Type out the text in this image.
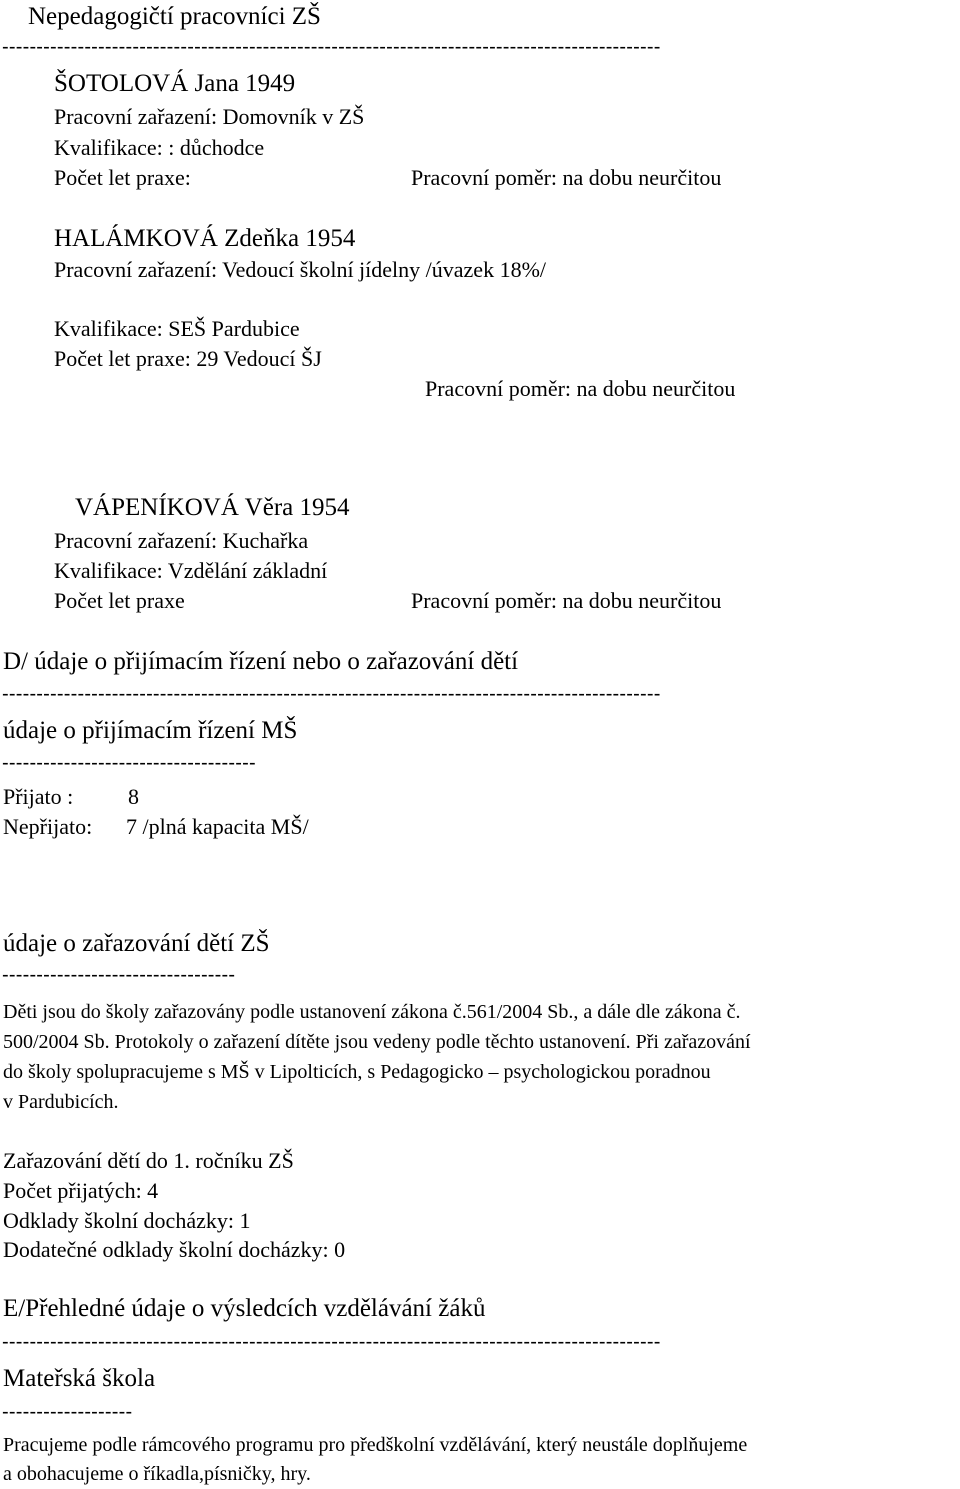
Nepedagogičtí pracovníci ZŠ
------------------------------------------------------------------------------------------------
ŠOTOLOVÁ Jana 1949
Pracovní zařazení: Domovník v ZŠ
Kvalifikace: : důchodce
Počet let praxe:	Pracovní poměr: na dobu neurčitou
HALÁMKOVÁ Zdeňka 1954
Pracovní zařazení: Vedoucí školní jídelny /úvazek 18%/
Kvalifikace: SEŠ Pardubice
Počet let praxe: 29 Vedoucí ŠJ
Pracovní poměr: na dobu neurčitou
VÁPENÍKOVÁ Věra 1954
Pracovní zařazení: Kuchařka
Kvalifikace: Vzdělání základní
Počet let praxe	Pracovní poměr: na dobu neurčitou
D/ údaje o přijímacím řízení nebo o zařazování dětí
------------------------------------------------------------------------------------------------
údaje o přijímacím řízení MŠ
-------------------------------------
Přijato : 8
Nepřijato: 7 /plná kapacita MŠ/
údaje o zařazování dětí ZŠ
----------------------------------
Děti jsou do školy zařazovány podle ustanovení zákona č.561/2004 Sb., a dále dle zákona č.
500/2004 Sb. Protokoly o zařazení dítěte jsou vedeny podle těchto ustanovení. Při zařazování
do školy spolupracujeme s MŠ v Lipolticích, s Pedagogicko – psychologickou poradnou
v Pardubicích.
Zařazování dětí do 1. ročníku ZŠ
Počet přijatých: 4
Odklady školní docházky: 1
Dodatečné odklady školní docházky: 0
E/Přehledné údaje o výsledcích vzdělávání žáků
------------------------------------------------------------------------------------------------
Mateřská škola
-------------------
Pracujeme podle rámcového programu pro předškolní vzdělávání, který neustále doplňujeme
a obohacujeme o říkadla,písničky, hry.
